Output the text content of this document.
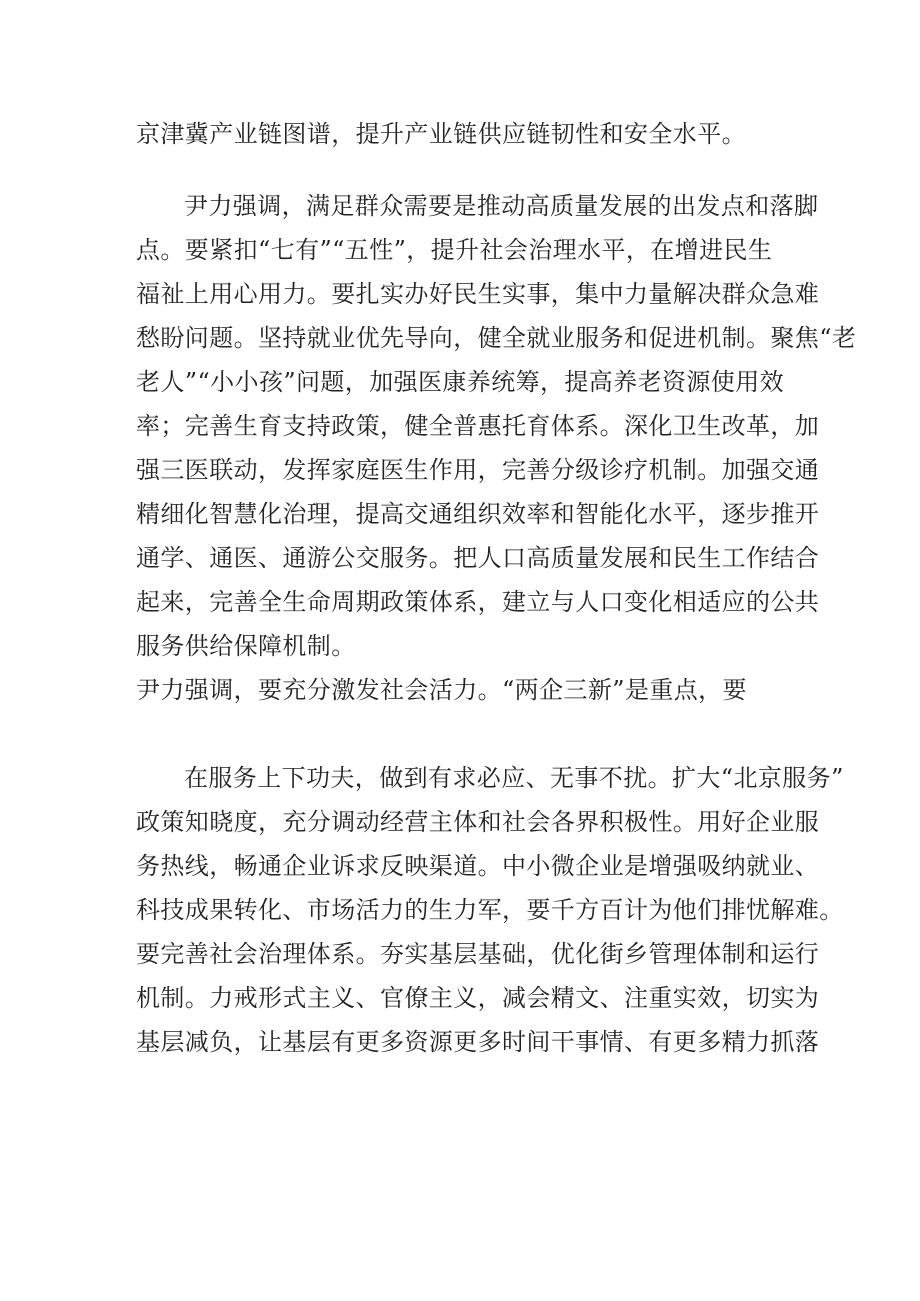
京津冀产业链图谱，提升产业链供应链韧性和安全水平。
尹力强调，满足群众需要是推动高质量发展的出发点和落脚
点。要紧扣“七有”“五性”，提升社会治理水平，在增进民生
福祉上用心用力。要扎实办好民生实事，集中力量解决群众急难
愁盼问题。坚持就业优先导向，健全就业服务和促进机制。聚焦“老
老人”“小小孩”问题，加强医康养统筹，提高养老资源使用效
率；完善生育支持政策，健全普惠托育体系。深化卫生改革，加
强三医联动，发挥家庭医生作用，完善分级诊疗机制。加强交通
精细化智慧化治理，提高交通组织效率和智能化水平，逐步推开
通学、通医、通游公交服务。把人口高质量发展和民生工作结合
起来，完善全生命周期政策体系，建立与人口变化相适应的公共
服务供给保障机制。
尹力强调，要充分激发社会活力。“两企三新”是重点，要
在服务上下功夫，做到有求必应、无事不扰。扩大“北京服务”
政策知晓度，充分调动经营主体和社会各界积极性。用好企业服
务热线，畅通企业诉求反映渠道。中小微企业是增强吸纳就业、
科技成果转化、市场活力的生力军，要千方百计为他们排忧解难。
要完善社会治理体系。夯实基层基础，优化街乡管理体制和运行
机制。力戒形式主义、官僚主义，减会精文、注重实效，切实为
基层减负，让基层有更多资源更多时间干事情、有更多精力抓落
